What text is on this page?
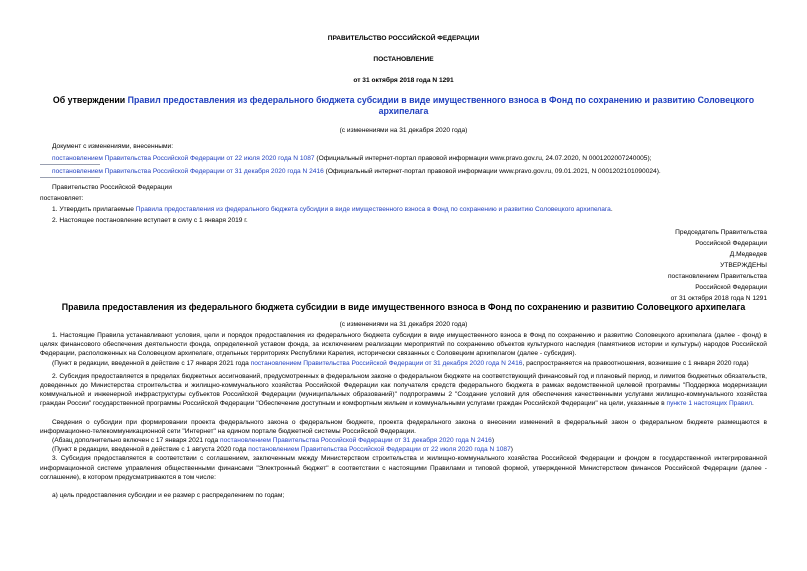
ПРАВИТЕЛЬСТВО РОССИЙСКОЙ ФЕДЕРАЦИИ
ПОСТАНОВЛЕНИЕ
от 31 октября 2018 года N 1291
Об утверждении Правил предоставления из федерального бюджета субсидии в виде имущественного взноса в Фонд по сохранению и развитию Соловецкого архипелага
(с изменениями на 31 декабря 2020 года)
Документ с изменениями, внесенными:
постановлением Правительства Российской Федерации от 22 июля 2020 года N 1087 (Официальный интернет-портал правовой информации www.pravo.gov.ru, 24.07.2020, N 0001202007240005);
постановлением Правительства Российской Федерации от 31 декабря 2020 года N 2416 (Официальный интернет-портал правовой информации www.pravo.gov.ru, 09.01.2021, N 0001202101090024).
Правительство Российской Федерации
постановляет:
1. Утвердить прилагаемые Правила предоставления из федерального бюджета субсидии в виде имущественного взноса в Фонд по сохранению и развитию Соловецкого архипелага.
2. Настоящее постановление вступает в силу с 1 января 2019 г.
Председатель Правительства
Российской Федерации
Д.Медведев
УТВЕРЖДЕНЫ
постановлением Правительства
Российской Федерации
от 31 октября 2018 года N 1291
Правила предоставления из федерального бюджета субсидии в виде имущественного взноса в Фонд по сохранению и развитию Соловецкого архипелага
(с изменениями на 31 декабря 2020 года)

1. Настоящие Правила устанавливают условия, цели и порядок предоставления из федерального бюджета субсидии в виде имущественного взноса в Фонд по сохранению и развитию Соловецкого архипелага (далее - фонд) в целях финансового обеспечения деятельности фонда, определенной уставом фонда, за исключением реализации мероприятий по сохранению объектов культурного наследия (памятников истории и культуры) народов Российской Федерации, расположенных на Соловецком архипелаге, отдельных территориях Республики Карелия, исторически связанных с Соловецким архипелагом (далее - субсидия).

(Пункт в редакции, введенной в действие с 17 января 2021 года постановлением Правительства Российской Федерации от 31 декабря 2020 года N 2416, распространяется на правоотношения, возникшие с 1 января 2020 года)

2. Субсидия предоставляется в пределах бюджетных ассигнований, предусмотренных в федеральном законе о федеральном бюджете на соответствующий финансовый год и плановый период, и лимитов бюджетных обязательств, доведенных до Министерства строительства и жилищно-коммунального хозяйства Российской Федерации как получателя средств федерального бюджета в рамках ведомственной целевой программы "Поддержка модернизации коммунальной и инженерной инфраструктуры субъектов Российской Федерации (муниципальных образований)" подпрограммы 2 "Создание условий для обеспечения качественными услугами жилищно-коммунального хозяйства граждан России" государственной программы Российской Федерации "Обеспечение доступным и комфортным жильем и коммунальными услугами граждан Российской Федерации" на цели, указанные в пункте 1 настоящих Правил.

Сведения о субсидии при формировании проекта федерального закона о федеральном бюджете, проекта федерального закона о внесении изменений в федеральный закон о федеральном бюджете размещаются в информационно-телекоммуникационной сети "Интернет" на едином портале бюджетной системы Российской Федерации.

(Абзац дополнительно включен с 17 января 2021 года постановлением Правительства Российской Федерации от 31 декабря 2020 года N 2416)

(Пункт в редакции, введенной в действие с 1 августа 2020 года постановлением Правительства Российской Федерации от 22 июля 2020 года N 1087)

3. Субсидия предоставляется в соответствии с соглашением, заключенным между Министерством строительства и жилищно-коммунального хозяйства Российской Федерации и фондом в государственной интегрированной информационной системе управления общественными финансами "Электронный бюджет" в соответствии с настоящими Правилами и типовой формой, утвержденной Министерством финансов Российской Федерации (далее - соглашение), в котором предусматриваются в том числе:

а) цель предоставления субсидии и ее размер с распределением по годам;
